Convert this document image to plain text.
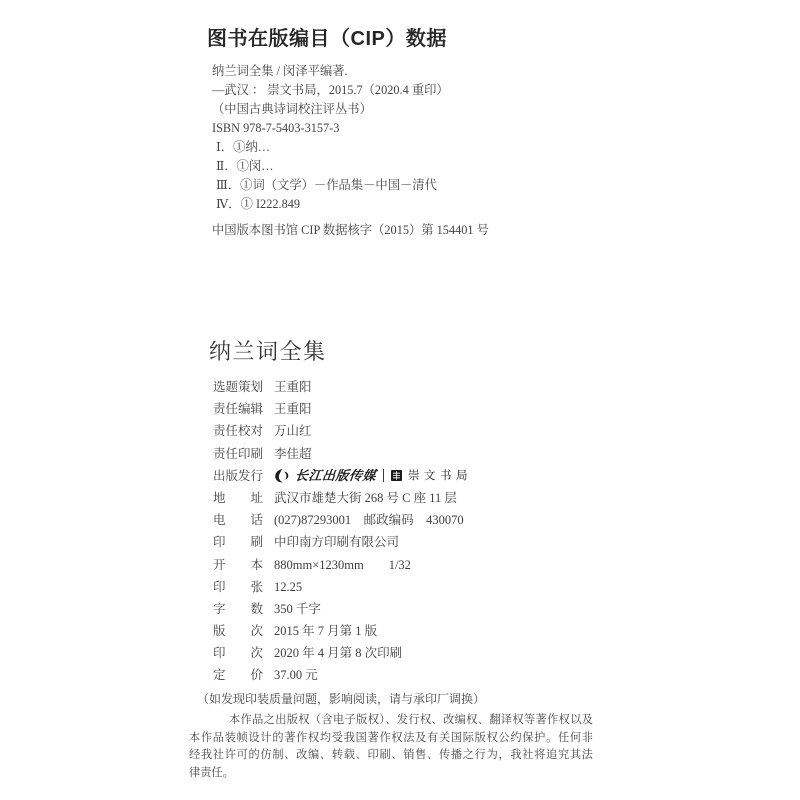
图书在版编目（CIP）数据
纳兰词全集 / 闵泽平编著.
—武汉 ： 崇文书局，2015.7（2020.4 重印）
（中国古典诗词校注评丛书）
ISBN 978-7-5403-3157-3
Ⅰ．①纳…
Ⅱ．①闵…
Ⅲ．①词（文学）－作品集－中国－清代
Ⅳ．① I222.849
中国版本图书馆 CIP 数据核字（2015）第 154401 号
纳兰词全集
选题策划 王重阳
责任编辑 王重阳
责任校对 万山红
责任印刷 李佳超
出版发行 长江出版传媒	崇文书局
地　　址 武汉市雄楚大街 268 号 C 座 11 层
电　　话 (027)87293001　邮政编码　430070
印　　刷 中印南方印刷有限公司
开　　本 880mm×1230mm　　1/32
印　　张 12.25
字　　数 350 千字
版　　次 2015 年 7 月第 1 版
印　　次 2020 年 4 月第 8 次印刷
定　　价 37.00 元
（如发现印装质量问题，影响阅读，请与承印厂调换）
本作品之出版权（含电子版权）、发行权、改编权、翻译权等著作权以及
本作品装帧设计的著作权均受我国著作权法及有关国际版权公约保护。任何非
经我社许可的仿制、改编、转载、印刷、销售、传播之行为，我社将追究其法
律责任。
